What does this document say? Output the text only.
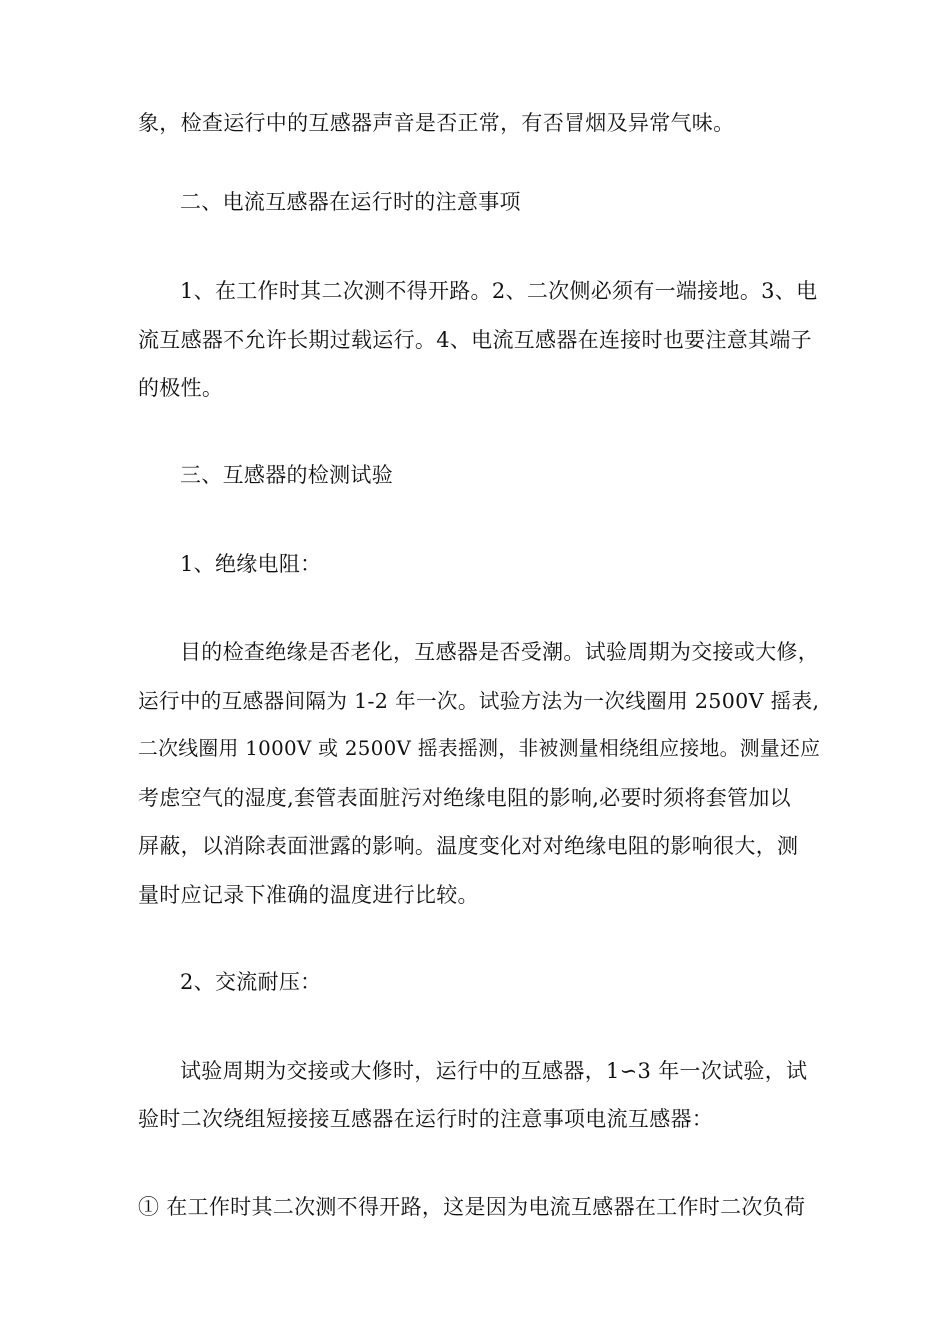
象，检查运行中的互感器声音是否正常，有否冒烟及异常气味。
二、电流互感器在运行时的注意事项
1、在工作时其二次测不得开路。2、二次侧必须有一端接地。3、电
流互感器不允许长期过载运行。4、电流互感器在连接时也要注意其端子
的极性。
三、互感器的检测试验
1、绝缘电阻：
目的检查绝缘是否老化，互感器是否受潮。试验周期为交接或大修，
运行中的互感器间隔为 1-2 年一次。试验方法为一次线圈用 2500V 摇表,
二次线圈用 1000V 或 2500V 摇表摇测，非被测量相绕组应接地。测量还应
考虑空气的湿度,套管表面脏污对绝缘电阻的影响,必要时须将套管加以
屏蔽，以消除表面泄露的影响。温度变化对对绝缘电阻的影响很大，测
量时应记录下准确的温度进行比较。
2、交流耐压：
试验周期为交接或大修时，运行中的互感器，1∽3 年一次试验，试
验时二次绕组短接接互感器在运行时的注意事项电流互感器：
① 在工作时其二次测不得开路，这是因为电流互感器在工作时二次负荷
